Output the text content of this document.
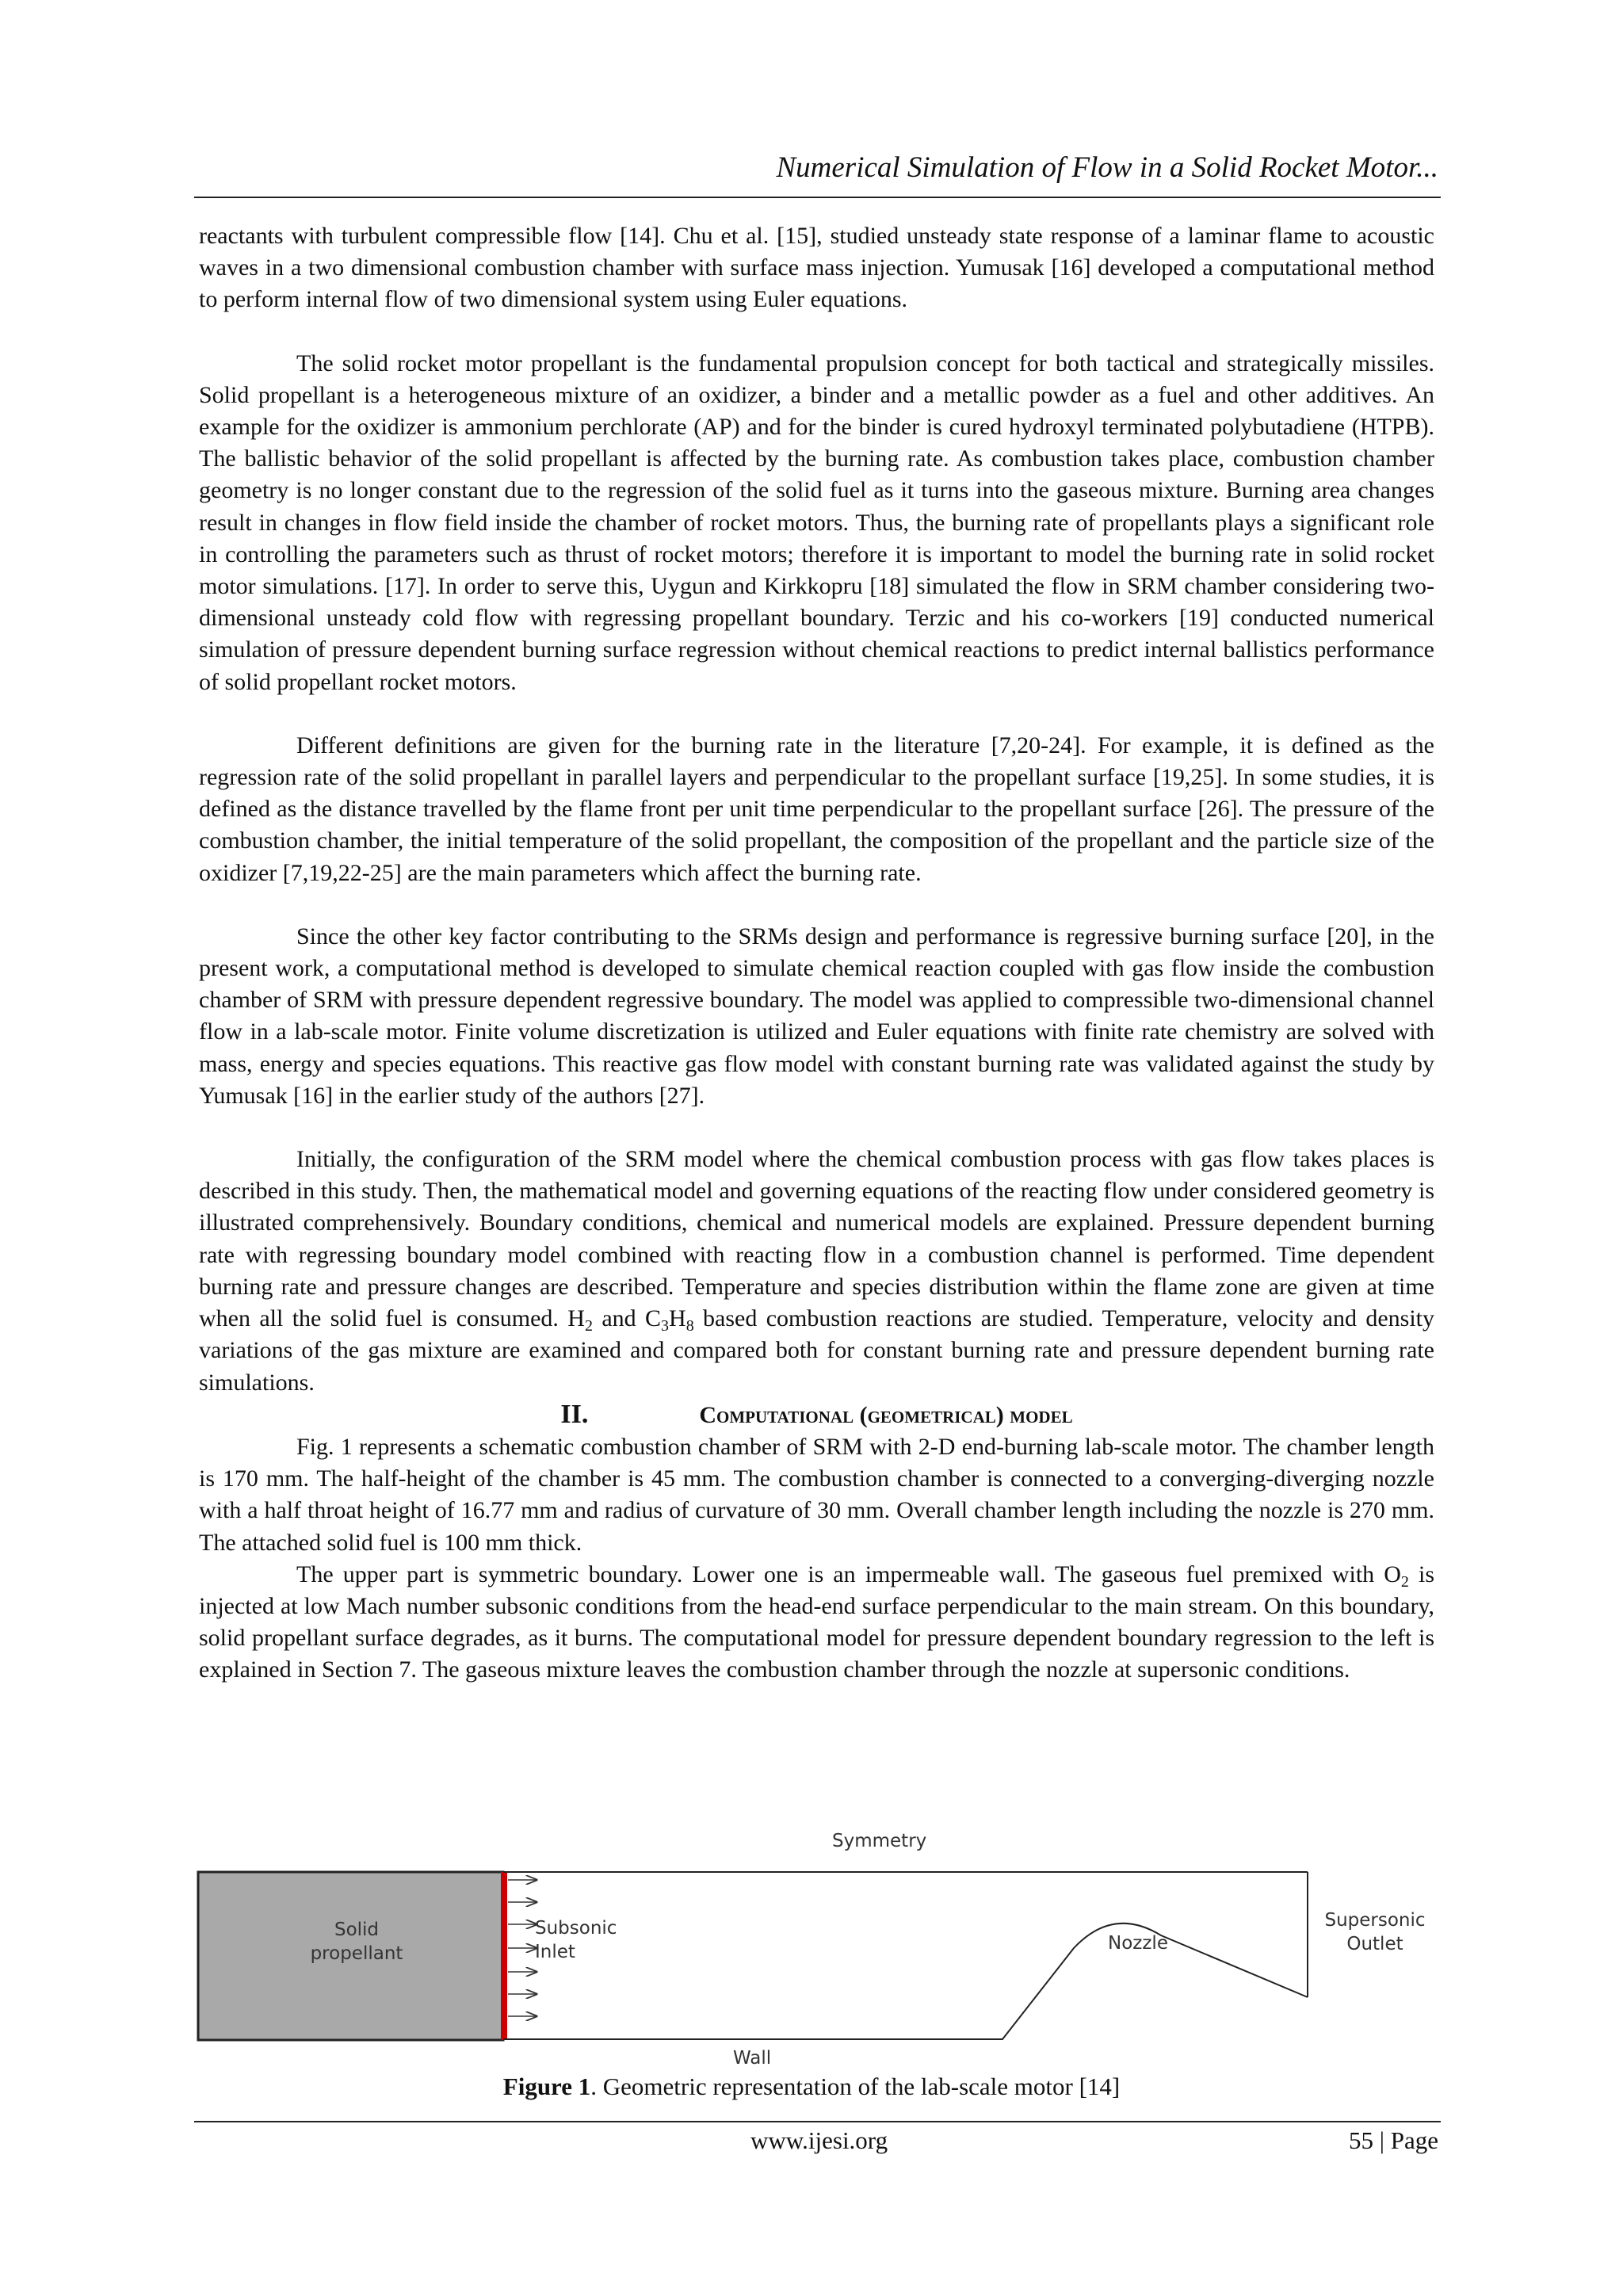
Numerical Simulation of Flow in a Solid Rocket Motor...

reactants with turbulent compressible flow [14]. Chu et al. [15], studied unsteady state response of a laminar flame to acoustic waves in a two dimensional combustion chamber with surface mass injection. Yumusak [16] developed a computational method to perform internal flow of two dimensional system using Euler equations.

The solid rocket motor propellant is the fundamental propulsion concept for both tactical and strategically missiles. Solid propellant is a heterogeneous mixture of an oxidizer, a binder and a metallic powder as a fuel and other additives. An example for the oxidizer is ammonium perchlorate (AP) and for the binder is cured hydroxyl terminated polybutadiene (HTPB). The ballistic behavior of the solid propellant is affected by the burning rate. As combustion takes place, combustion chamber geometry is no longer constant due to the regression of the solid fuel as it turns into the gaseous mixture. Burning area changes result in changes in flow field inside the chamber of rocket motors. Thus, the burning rate of propellants plays a significant role in controlling the parameters such as thrust of rocket motors; therefore it is important to model the burning rate in solid rocket motor simulations. [17]. In order to serve this, Uygun and Kirkkopru [18] simulated the flow in SRM chamber considering two-dimensional unsteady cold flow with regressing propellant boundary. Terzic and his co-workers [19] conducted numerical simulation of pressure dependent burning surface regression without chemical reactions to predict internal ballistics performance of solid propellant rocket motors.

Different definitions are given for the burning rate in the literature [7,20-24]. For example, it is defined as the regression rate of the solid propellant in parallel layers and perpendicular to the propellant surface [19,25]. In some studies, it is defined as the distance travelled by the flame front per unit time perpendicular to the propellant surface [26]. The pressure of the combustion chamber, the initial temperature of the solid propellant, the composition of the propellant and the particle size of the oxidizer [7,19,22-25] are the main parameters which affect the burning rate.

Since the other key factor contributing to the SRMs design and performance is regressive burning surface [20], in the present work, a computational method is developed to simulate chemical reaction coupled with gas flow inside the combustion chamber of SRM with pressure dependent regressive boundary. The model was applied to compressible two-dimensional channel flow in a lab-scale motor. Finite volume discretization is utilized and Euler equations with finite rate chemistry are solved with mass, energy and species equations. This reactive gas flow model with constant burning rate was validated against the study by Yumusak [16] in the earlier study of the authors [27].

Initially, the configuration of the SRM model where the chemical combustion process with gas flow takes places is described in this study. Then, the mathematical model and governing equations of the reacting flow under considered geometry is illustrated comprehensively. Boundary conditions, chemical and numerical models are explained. Pressure dependent burning rate with regressing boundary model combined with reacting flow in a combustion channel is performed. Time dependent burning rate and pressure changes are described. Temperature and species distribution within the flame zone are given at time when all the solid fuel is consumed. $H_2$ and $C_3H_8$ based combustion reactions are studied. Temperature, velocity and density variations of the gas mixture are examined and compared both for constant burning rate and pressure dependent burning rate simulations.

II.	Computational (geometrical) model

Fig. 1 represents a schematic combustion chamber of SRM with 2-D end-burning lab-scale motor. The chamber length is 170 mm. The half-height of the chamber is 45 mm. The combustion chamber is connected to a converging-diverging nozzle with a half throat height of 16.77 mm and radius of curvature of 30 mm. Overall chamber length including the nozzle is 270 mm. The attached solid fuel is 100 mm thick.

The upper part is symmetric boundary. Lower one is an impermeable wall. The gaseous fuel premixed with $O_2$ is injected at low Mach number subsonic conditions from the head-end surface perpendicular to the main stream. On this boundary, solid propellant surface degrades, as it burns. The computational model for pressure dependent boundary regression to the left is explained in Section 7. The gaseous mixture leaves the combustion chamber through the nozzle at supersonic conditions.

Symmetry
Solid
propellant
Subsonic
Inlet	Nozzle
Supersonic
Outlet
Wall
Figure 1. Geometric representation of the lab-scale motor [14]
www.ijesi.org	55 | Page
